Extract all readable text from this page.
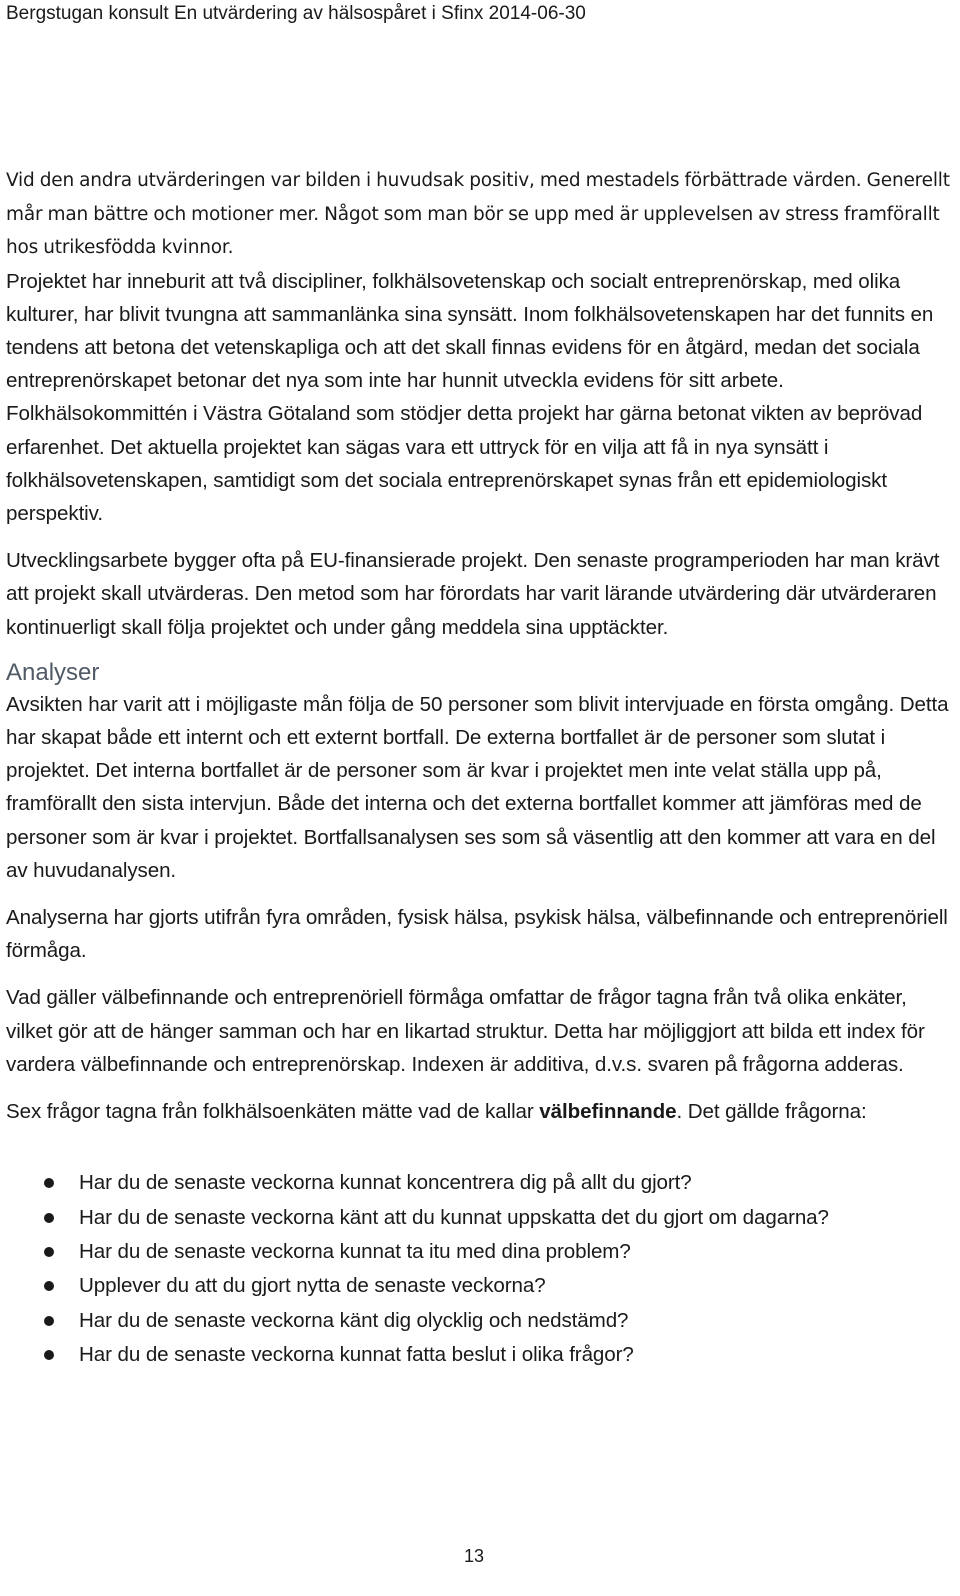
Bergstugan konsult En utvärdering av hälsospåret i Sfinx 2014-06-30

Vid den andra utvärderingen var bilden i huvudsak positiv, med mestadels förbättrade värden. Generellt mår man bättre och motioner mer. Något som man bör se upp med är upplevelsen av stress framförallt hos utrikesfödda kvinnor.

Projektet har inneburit att två discipliner, folkhälsovetenskap och socialt entreprenörskap, med olika kulturer, har blivit tvungna att sammanlänka sina synsätt. Inom folkhälsovetenskapen har det funnits en tendens att betona det vetenskapliga och att det skall finnas evidens för en åtgärd, medan det sociala entreprenörskapet betonar det nya som inte har hunnit utveckla evidens för sitt arbete. Folkhälsokommittén i Västra Götaland som stödjer detta projekt har gärna betonat vikten av beprövad erfarenhet. Det aktuella projektet kan sägas vara ett uttryck för en vilja att få in nya synsätt i folkhälsovetenskapen, samtidigt som det sociala entreprenörskapet synas från ett epidemiologiskt perspektiv.

Utvecklingsarbete bygger ofta på EU-finansierade projekt. Den senaste programperioden har man krävt att projekt skall utvärderas. Den metod som har förordats har varit lärande utvärdering där utvärderaren kontinuerligt skall följa projektet och under gång meddela sina upptäckter.

Analyser

Avsikten har varit att i möjligaste mån följa de 50 personer som blivit intervjuade en första omgång. Detta har skapat både ett internt och ett externt bortfall. De externa bortfallet är de personer som slutat i projektet. Det interna bortfallet är de personer som är kvar i projektet men inte velat ställa upp på, framförallt den sista intervjun. Både det interna och det externa bortfallet kommer att jämföras med de personer som är kvar i projektet. Bortfallsanalysen ses som så väsentlig att den kommer att vara en del av huvudanalysen.

Analyserna har gjorts utifrån fyra områden, fysisk hälsa, psykisk hälsa, välbefinnande och entreprenöriell förmåga.

Vad gäller välbefinnande och entreprenöriell förmåga omfattar de frågor tagna från två olika enkäter, vilket gör att de hänger samman och har en likartad struktur. Detta har möjliggjort att bilda ett index för vardera välbefinnande och entreprenörskap. Indexen är additiva, d.v.s. svaren på frågorna adderas.

Sex frågor tagna från folkhälsoenkäten mätte vad de kallar välbefinnande. Det gällde frågorna:

Har du de senaste veckorna kunnat koncentrera dig på allt du gjort?
Har du de senaste veckorna känt att du kunnat uppskatta det du gjort om dagarna?
Har du de senaste veckorna kunnat ta itu med dina problem?
Upplever du att du gjort nytta de senaste veckorna?
Har du de senaste veckorna känt dig olycklig och nedstämd?
Har du de senaste veckorna kunnat fatta beslut i olika frågor?
13
